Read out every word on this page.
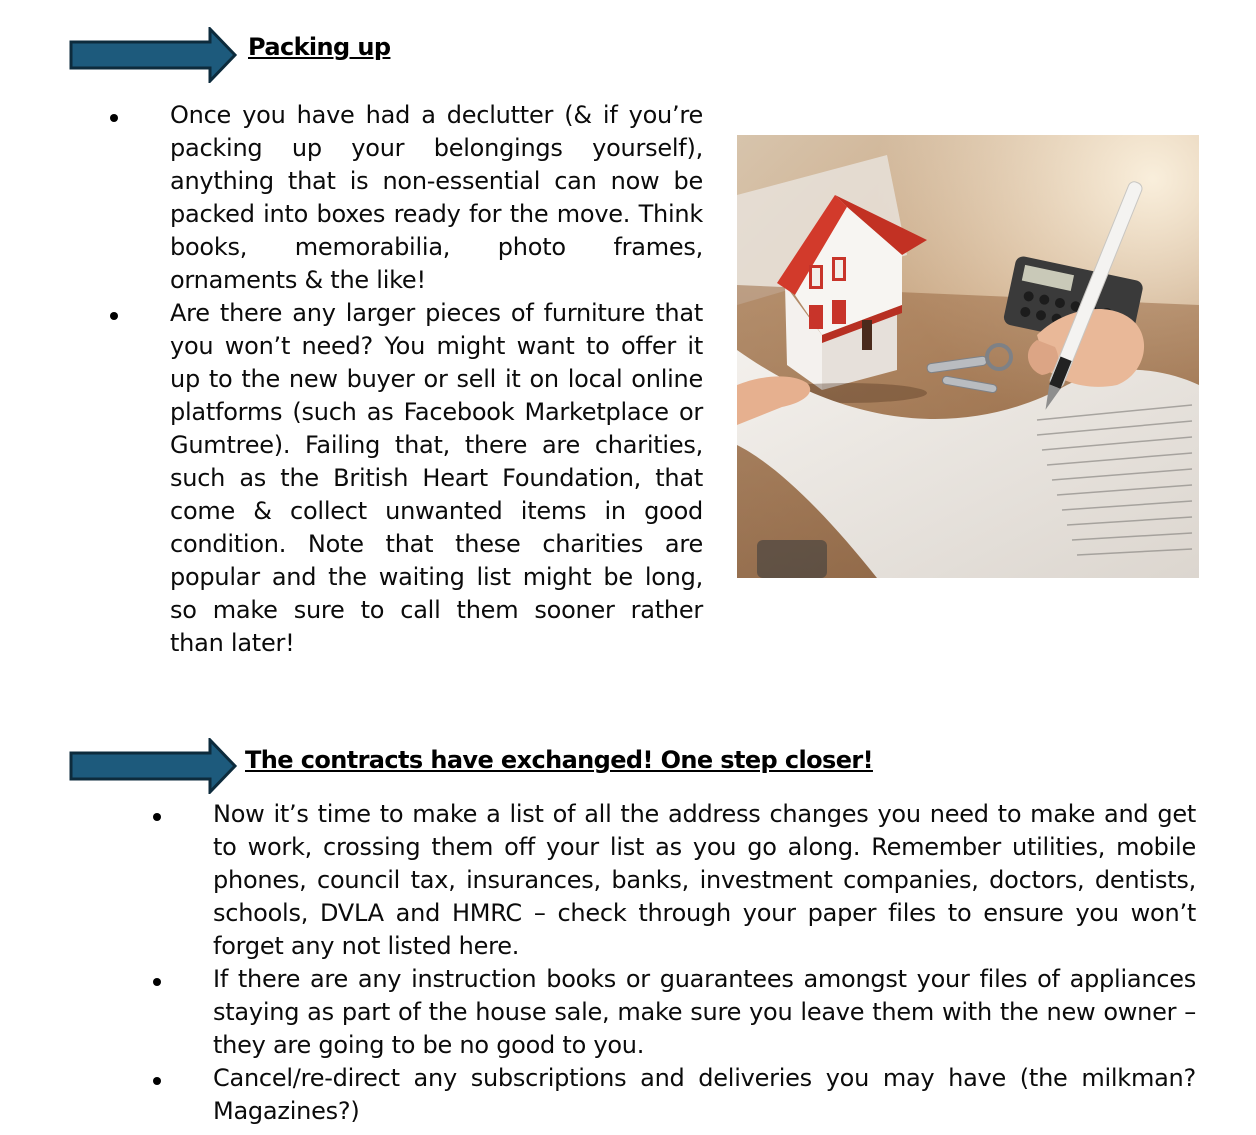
Packing up
Once you have had a declutter (& if you’re packing up your belongings yourself), anything that is non-essential can now be packed into boxes ready for the move. Think books, memorabilia, photo frames, ornaments & the like!
Are there any larger pieces of furniture that you won’t need? You might want to offer it up to the new buyer or sell it on local online platforms (such as Facebook Marketplace or Gumtree). Failing that, there are charities, such as the British Heart Foundation, that come & collect unwanted items in good condition. Note that these charities are popular and the waiting list might be long, so make sure to call them sooner rather than later!
The contracts have exchanged! One step closer!
Now it’s time to make a list of all the address changes you need to make and get to work, crossing them off your list as you go along. Remember utilities, mobile phones, council tax, insurances, banks, investment companies, doctors, dentists, schools, DVLA and HMRC – check through your paper files to ensure you won’t forget any not listed here.
If there are any instruction books or guarantees amongst your files of appliances staying as part of the house sale, make sure you leave them with the new owner – they are going to be no good to you.
Cancel/re-direct any subscriptions and deliveries you may have (the milkman? Magazines?)
